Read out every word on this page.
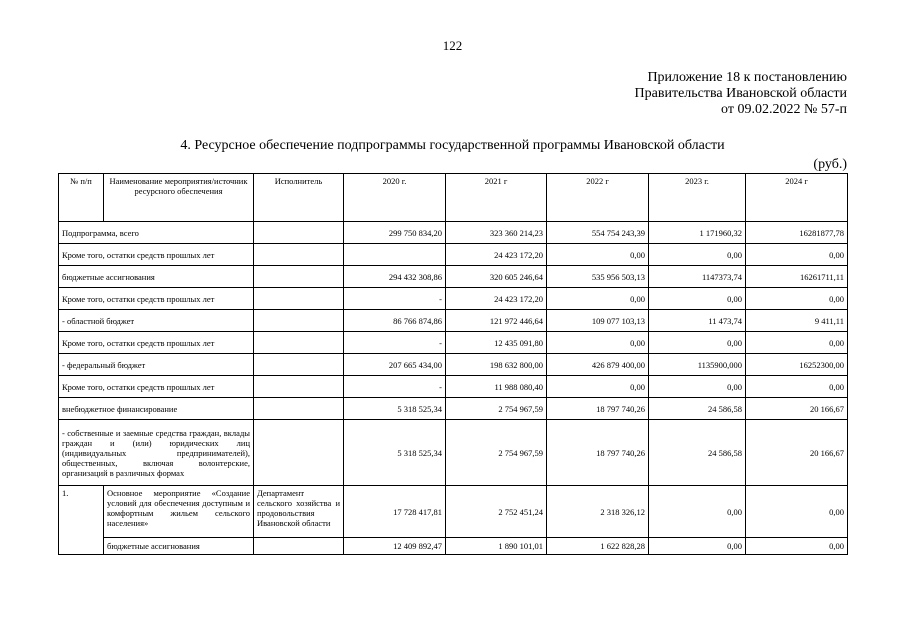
122
Приложение 18 к постановлению
Правительства Ивановской области
от 09.02.2022 № 57-п
4. Ресурсное обеспечение подпрограммы государственной программы Ивановской области
(руб.)
№ п/п	Наименование мероприятия/источник ресурсного обеспечения	Исполнитель	2020 г.	2021 г	2022 г	2023 г.	2024 г
Подпрограмма, всего			299 750 834,20	323 360 214,23	554 754 243,39	1 171960,32	16281877,78
Кроме того, остатки средств прошлых лет				24 423 172,20	0,00	0,00	0,00
бюджетные ассигнования			294 432 308,86	320 605 246,64	535 956 503,13	1147373,74	16261711,11
Кроме того, остатки средств прошлых лет			-	24 423 172,20	0,00	0,00	0,00
- областной бюджет			86 766 874,86	121 972 446,64	109 077 103,13	11 473,74	9 411,11
Кроме того, остатки средств прошлых лет			-	12 435 091,80	0,00	0,00	0,00
- федеральный бюджет			207 665 434,00	198 632 800,00	426 879 400,00	1135900,000	16252300,00
Кроме того, остатки средств прошлых лет			-	11 988 080,40	0,00	0,00	0,00
внебюджетное финансирование			5 318 525,34	2 754 967,59	18 797 740,26	24 586,58	20 166,67
- собственные и заемные средства граждан, вклады граждан и (или) юридических лиц (индивидуальных предпринимателей), общественных, включая волонтерские, организаций в различных формах			5 318 525,34	2 754 967,59	18 797 740,26	24 586,58	20 166,67
1.	Основное мероприятие «Создание условий для обеспечения доступным и комфортным жильем сельского населения»	Департамент сельского хозяйства и продовольствия Ивановской области	17 728 417,81	2 752 451,24	2 318 326,12	0,00	0,00
	бюджетные ассигнования		12 409 892,47	1 890 101,01	1 622 828,28	0,00	0,00
